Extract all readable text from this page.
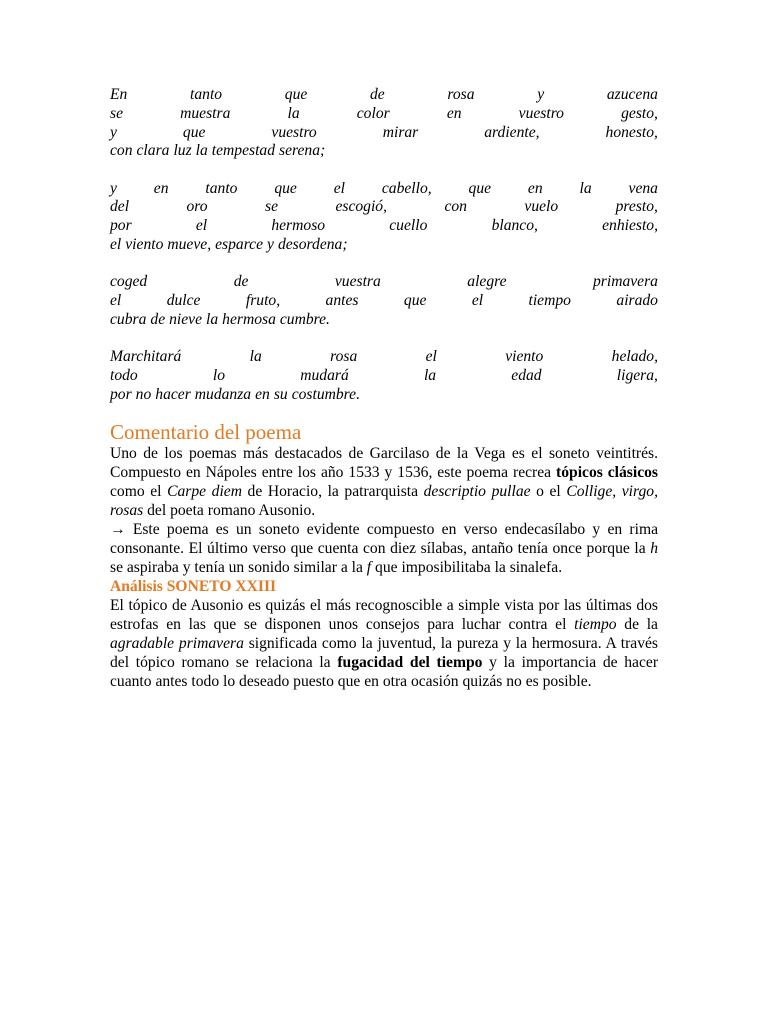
En	tanto	que	de	rosa	y	azucena
se	muestra	la	color	en	vuestro	gesto,
y	que	vuestro	mirar	ardiente,	honesto,
con clara luz la tempestad serena;
y en tanto que el cabello, que en la vena
del	oro	se	escogió,	con	vuelo	presto,
por	el	hermoso	cuello	blanco,	enhiesto,
el viento mueve, esparce y desordena;
coged	de	vuestra	alegre	primavera
el	dulce	fruto,	antes	que	el	tiempo	airado
cubra de nieve la hermosa cumbre.
Marchitará	la	rosa	el	viento	helado,
todo	lo	mudará	la	edad	ligera,
por no hacer mudanza en su costumbre.
Comentario del poema

Uno de los poemas más destacados de Garcilaso de la Vega es el soneto veintitrés. Compuesto en Nápoles entre los año 1533 y 1536, este poema recrea tópicos clásicos como el Carpe diem de Horacio, la patrarquista descriptio pullae o el Collige, virgo, rosas del poeta romano Ausonio.

→ Este poema es un soneto evidente compuesto en verso endecasílabo y en rima consonante. El último verso que cuenta con diez sílabas, antaño tenía once porque la h se aspiraba y tenía un sonido similar a la f que imposibilitaba la sinalefa.

Análisis SONETO XXIII

El tópico de Ausonio es quizás el más recognoscible a simple vista por las últimas dos estrofas en las que se disponen unos consejos para luchar contra el tiempo de la agradable primavera significada como la juventud, la pureza y la hermosura. A través del tópico romano se relaciona la fugacidad del tiempo y la importancia de hacer cuanto antes todo lo deseado puesto que en otra ocasión quizás no es posible.
